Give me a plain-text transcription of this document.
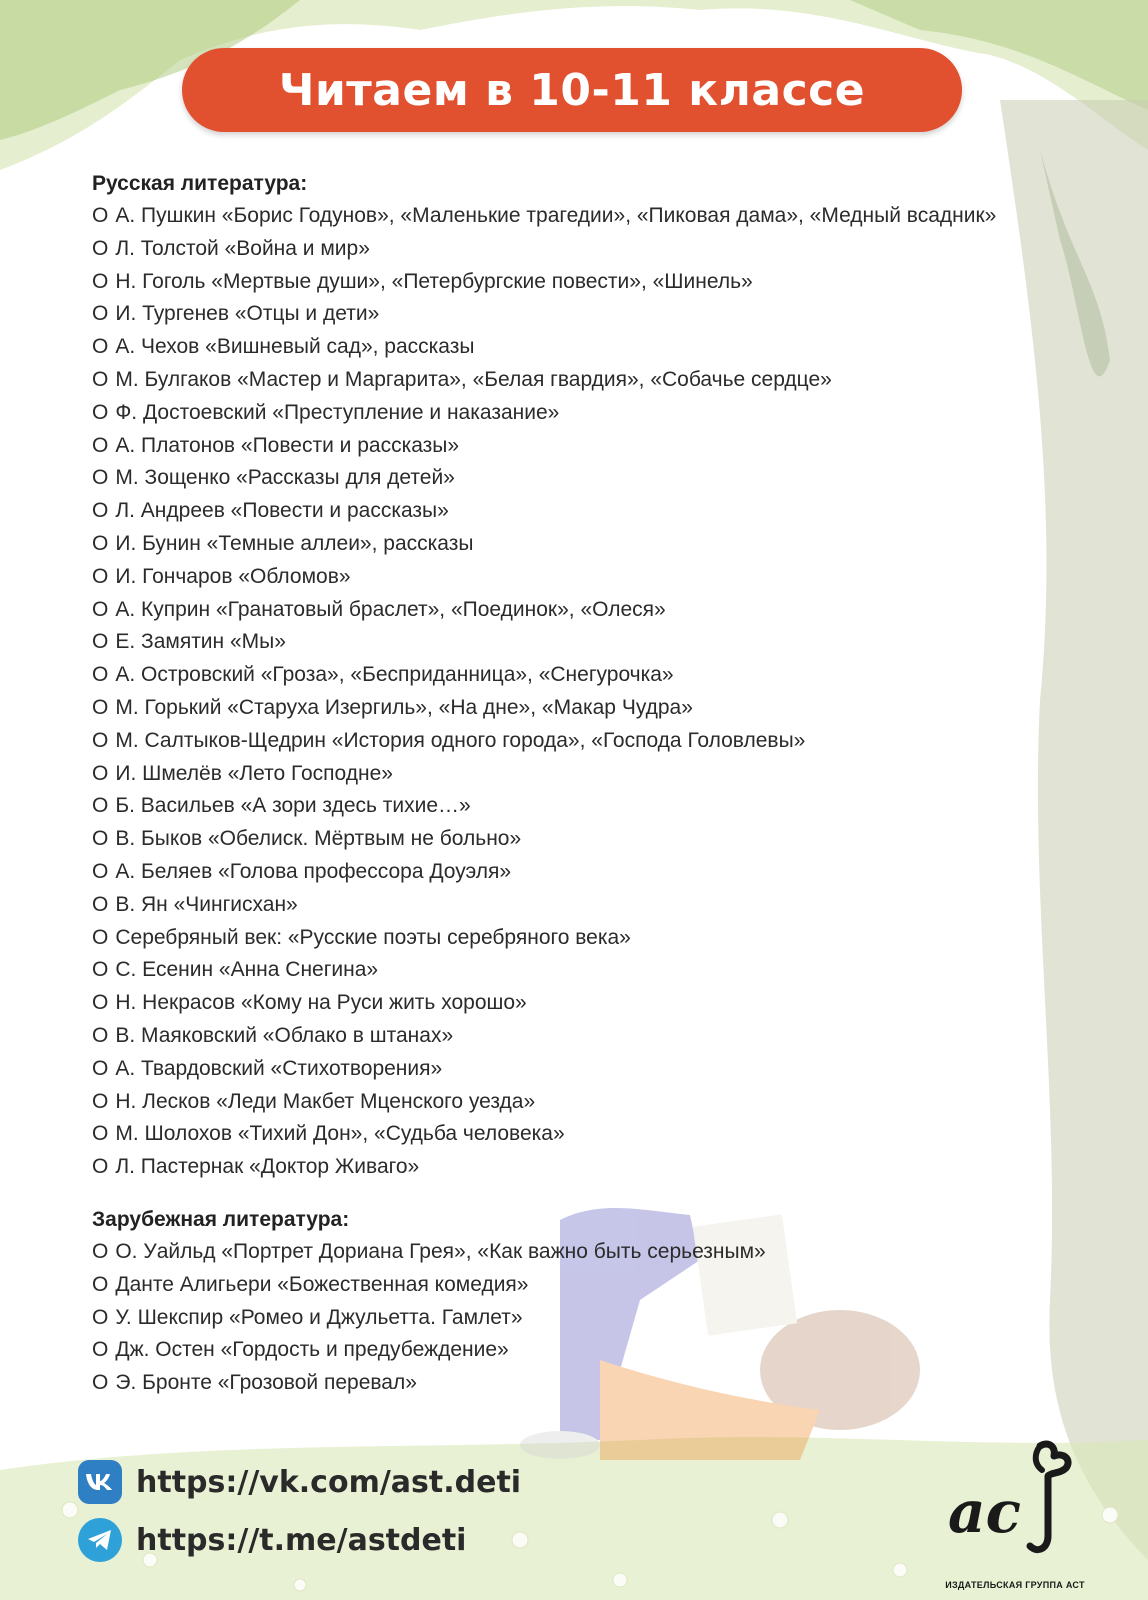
Читаем в 10-11 классе

Русская литература:

О А. Пушкин «Борис Годунов», «Маленькие трагедии», «Пиковая дама», «Медный всадник»
О Л. Толстой «Война и мир»
О Н. Гоголь «Мертвые души», «Петербургские повести», «Шинель»
О И. Тургенев «Отцы и дети»
О А. Чехов «Вишневый сад», рассказы
О М. Булгаков «Мастер и Маргарита», «Белая гвардия», «Собачье сердце»
О Ф. Достоевский «Преступление и наказание»
О А. Платонов «Повести и рассказы»
О М. Зощенко «Рассказы для детей»
О Л. Андреев «Повести и рассказы»
О И. Бунин «Темные аллеи», рассказы
О И. Гончаров «Обломов»
О А. Куприн «Гранатовый браслет», «Поединок», «Олеся»
О Е. Замятин «Мы»
О А. Островский «Гроза», «Бесприданница», «Снегурочка»
О М. Горький «Старуха Изергиль», «На дне», «Макар Чудра»
О М. Салтыков-Щедрин «История одного города», «Господа Головлевы»
О И. Шмелёв «Лето Господне»
О Б. Васильев «А зори здесь тихие…»
О В. Быков «Обелиск. Мёртвым не больно»
О А. Беляев «Голова профессора Доуэля»
О В. Ян «Чингисхан»
О Серебряный век: «Русские поэты серебряного века»
О С. Есенин «Анна Снегина»
О Н. Некрасов «Кому на Руси жить хорошо»
О В. Маяковский «Облако в штанах»
О А. Твардовский «Стихотворения»
О Н. Лесков «Леди Макбет Мценского уезда»
О М. Шолохов «Тихий Дон», «Судьба человека»
О Л. Пастернак «Доктор Живаго»

Зарубежная литература:

О О. Уайльд «Портрет Дориана Грея», «Как важно быть серьезным»
О Данте Алигьери «Божественная комедия»
О У. Шекспир «Ромео и Джульетта. Гамлет»
О Дж. Остен «Гордость и предубеждение»
О Э. Бронте «Грозовой перевал»
https://vk.com/ast.deti
https://t.me/astdeti	ac
ИЗДАТЕЛЬСКАЯ ГРУППА АСТ
